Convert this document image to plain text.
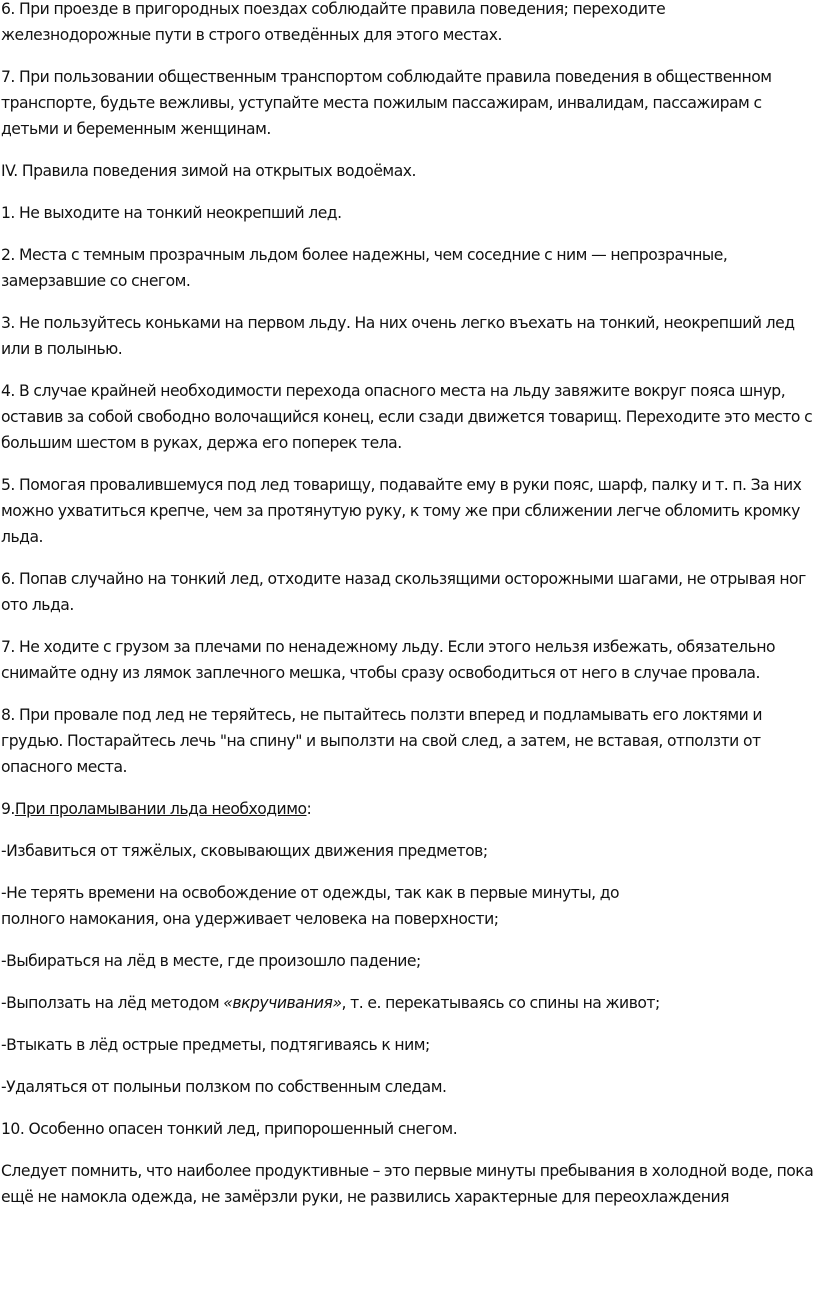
6. При проезде в пригородных поездах соблюдайте правила поведения; переходите железнодорожные пути в строго отведённых для этого местах.

7. При пользовании общественным транспортом соблюдайте правила поведения в общественном транспорте, будьте вежливы, уступайте места пожилым пассажирам, инвалидам, пассажирам с детьми и беременным женщинам.

IV. Правила поведения зимой на открытых водоёмах.

1. Не выходите на тонкий неокрепший лед.

2. Места с темным прозрачным льдом более надежны, чем соседние с ним — непрозрачные, замерзавшие со снегом.

3. Не пользуйтесь коньками на первом льду. На них очень легко въехать на тонкий, неокрепший лед или в полынью.

4. В случае крайней необходимости перехода опасного места на льду завяжите вокруг пояса шнур, оставив за собой свободно волочащийся конец, если сзади движется товарищ. Переходите это место с большим шестом в руках, держа его поперек тела.

5. Помогая провалившемуся под лед товарищу, подавайте ему в руки пояс, шарф, палку и т. п. За них можно ухватиться крепче, чем за протянутую руку, к тому же при сближении легче обломить кромку льда.

6. Попав случайно на тонкий лед, отходите назад скользящими осторожными шагами, не отрывая ног ото льда.

7. Не ходите с грузом за плечами по ненадежному льду. Если этого нельзя избежать, обязательно снимайте одну из лямок заплечного мешка, чтобы сразу освободиться от него в случае провала.

8. При провале под лед не теряйтесь, не пытайтесь ползти вперед и подламывать его локтями и грудью. Постарайтесь лечь "на спину" и выползти на свой след, а затем, не вставая, отползти от опасного места.

9.При проламывании льда необходимо:

-Избавиться от тяжёлых, сковывающих движения предметов;

-Не терять времени на освобождение от одежды, так как в первые минуты, до
полного намокания, она удерживает человека на поверхности;

-Выбираться на лёд в месте, где произошло падение;

-Выползать на лёд методом «вкручивания», т. е. перекатываясь со спины на живот;

-Втыкать в лёд острые предметы, подтягиваясь к ним;

-Удаляться от полыньи ползком по собственным следам.

10. Особенно опасен тонкий лед, припорошенный снегом.

Следует помнить, что наиболее продуктивные – это первые минуты пребывания в холодной воде, пока ещё не намокла одежда, не замёрзли руки, не развились характерные для переохлаждения
